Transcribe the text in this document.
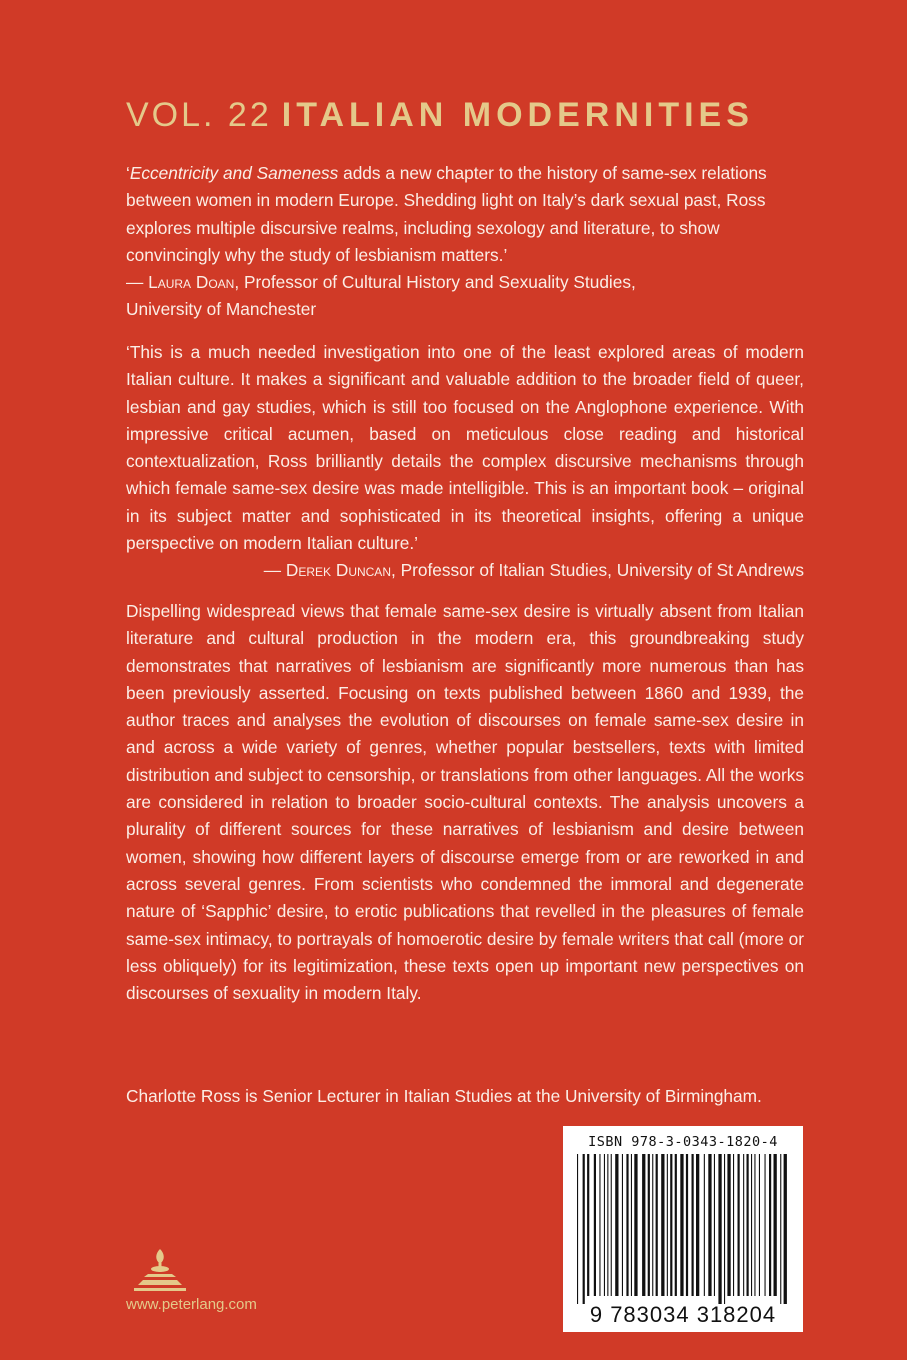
VOL. 22 ITALIAN MODERNITIES

‘Eccentricity and Sameness adds a new chapter to the history of same-sex relations between women in modern Europe. Shedding light on Italy’s dark sexual past, Ross explores multiple discursive realms, including sexology and literature, to show convincingly why the study of lesbianism matters.’

— Laura Doan, Professor of Cultural History and Sexuality Studies,

University of Manchester

‘This is a much needed investigation into one of the least explored areas of modern Italian culture. It makes a significant and valuable addition to the broader field of queer, lesbian and gay studies, which is still too focused on the Anglophone experience. With impressive critical acumen, based on meticulous close reading and historical contextualization, Ross brilliantly details the complex discursive mechanisms through which female same-sex desire was made intelligible. This is an important book – original in its subject matter and sophisticated in its theoretical insights, offering a unique perspective on modern Italian culture.’

— Derek Duncan, Professor of Italian Studies, University of St Andrews

Dispelling widespread views that female same-sex desire is virtually absent from Italian literature and cultural production in the modern era, this groundbreaking study demonstrates that narratives of lesbianism are significantly more numerous than has been previously asserted. Focusing on texts published between 1860 and 1939, the author traces and analyses the evolution of discourses on female same-sex desire in and across a wide variety of genres, whether popular bestsellers, texts with limited distribution and subject to censorship, or translations from other languages. All the works are considered in relation to broader socio-cultural contexts. The analysis uncovers a plurality of different sources for these narratives of lesbianism and desire between women, showing how different layers of discourse emerge from or are reworked in and across several genres. From scientists who condemned the immoral and degenerate nature of ‘Sapphic’ desire, to erotic publications that revelled in the pleasures of female same-sex intimacy, to portrayals of homoerotic desire by female writers that call (more or less obliquely) for its legitimization, these texts open up important new perspectives on discourses of sexuality in modern Italy.

Charlotte Ross is Senior Lecturer in Italian Studies at the University of Birmingham.

www.peterlang.com
ISBN 978-3-0343-1820-4
9 783034 318204
